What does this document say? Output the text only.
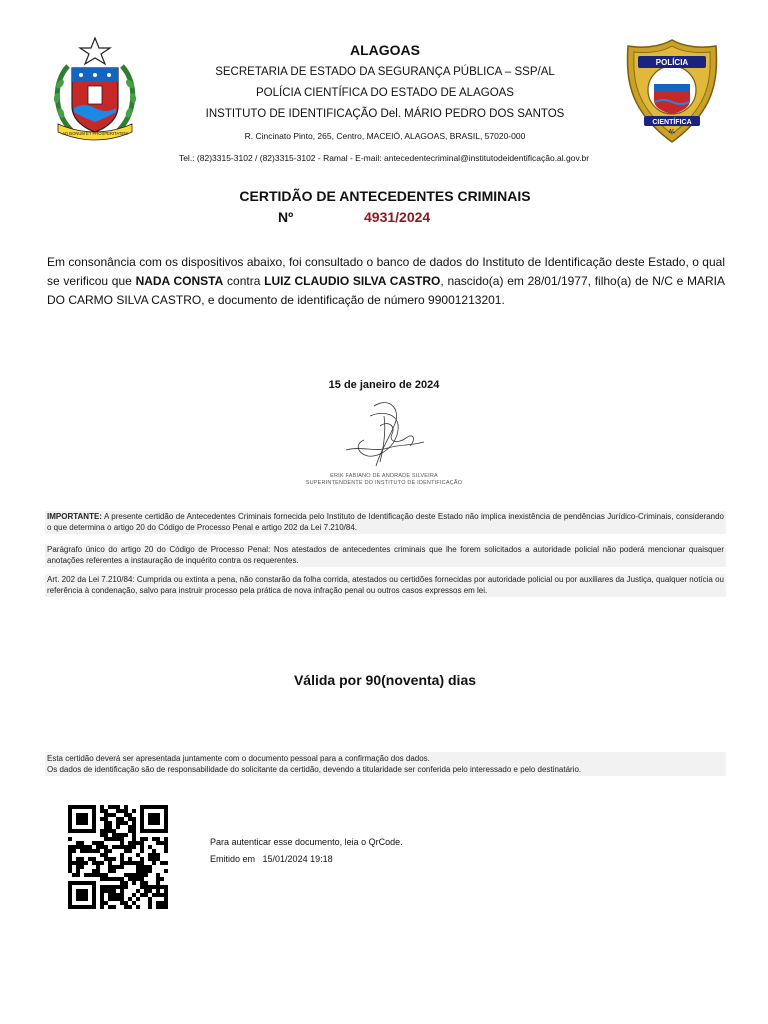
AD BONUM ET PROSPERITATEM
ALAGOAS
SECRETARIA DE ESTADO DA SEGURANÇA PÚBLICA – SSP/AL
POLÍCIA CIENTÍFICA DO ESTADO DE ALAGOAS
INSTITUTO DE IDENTIFICAÇÃO Del. MÁRIO PEDRO DOS SANTOS
R. Cincinato Pinto, 265, Centro, MACEIÓ, ALAGOAS, BRASIL, 57020-000
Tel.: (82)3315-3102 / (82)3315-3102 - Ramal - E-mail: antecedentecriminal@institutodeidentificação.al.gov.br
POLÍCIA
CIENTÍFICA
AL
CERTIDÃO DE ANTECEDENTES CRIMINAIS
Nº	4931/2024
Em consonância com os dispositivos abaixo, foi consultado o banco de dados do Instituto de Identificação deste Estado, o qual se verificou que NADA CONSTA contra LUIZ CLAUDIO SILVA CASTRO, nascido(a) em 28/01/1977, filho(a) de N/C e MARIA DO CARMO SILVA CASTRO, e documento de identificação de número 99001213201.
15 de janeiro de 2024
ERIK FABIANO DE ANDRADE SILVEIRA
SUPERINTENDENTE DO INSTITUTO DE IDENTIFICAÇÃO
IMPORTANTE: A presente certidão de Antecedentes Criminais fornecida pelo Instituto de Identificação deste Estado não implica inexistência de pendências Jurídico-Criminais, considerando o que determina o artigo 20 do Código de Processo Penal e artigo 202 da Lei 7.210/84.
Parágrafo único do artigo 20 do Código de Processo Penal: Nos atestados de antecedentes criminais que lhe forem solicitados a autoridade policial não poderá mencionar quaisquer anotações referentes a instauração de inquérito contra os requerentes.
Art. 202 da Lei 7.210/84: Cumprida ou extinta a pena, não constarão da folha corrida, atestados ou certidões fornecidas por autoridade policial ou por auxiliares da Justiça, qualquer notícia ou referência à condenação, salvo para instruir processo pela prática de nova infração penal ou outros casos expressos em lei.
Válida por 90(noventa) dias
Esta certidão deverá ser apresentada juntamente com o documento pessoal para a confirmação dos dados.
Os dados de identificação são de responsabilidade do solicitante da certidão, devendo a titularidade ser conferida pelo interessado e pelo destinatário.
Para autenticar esse documento, leia o QrCode.
Emitido em 15/01/2024 19:18
